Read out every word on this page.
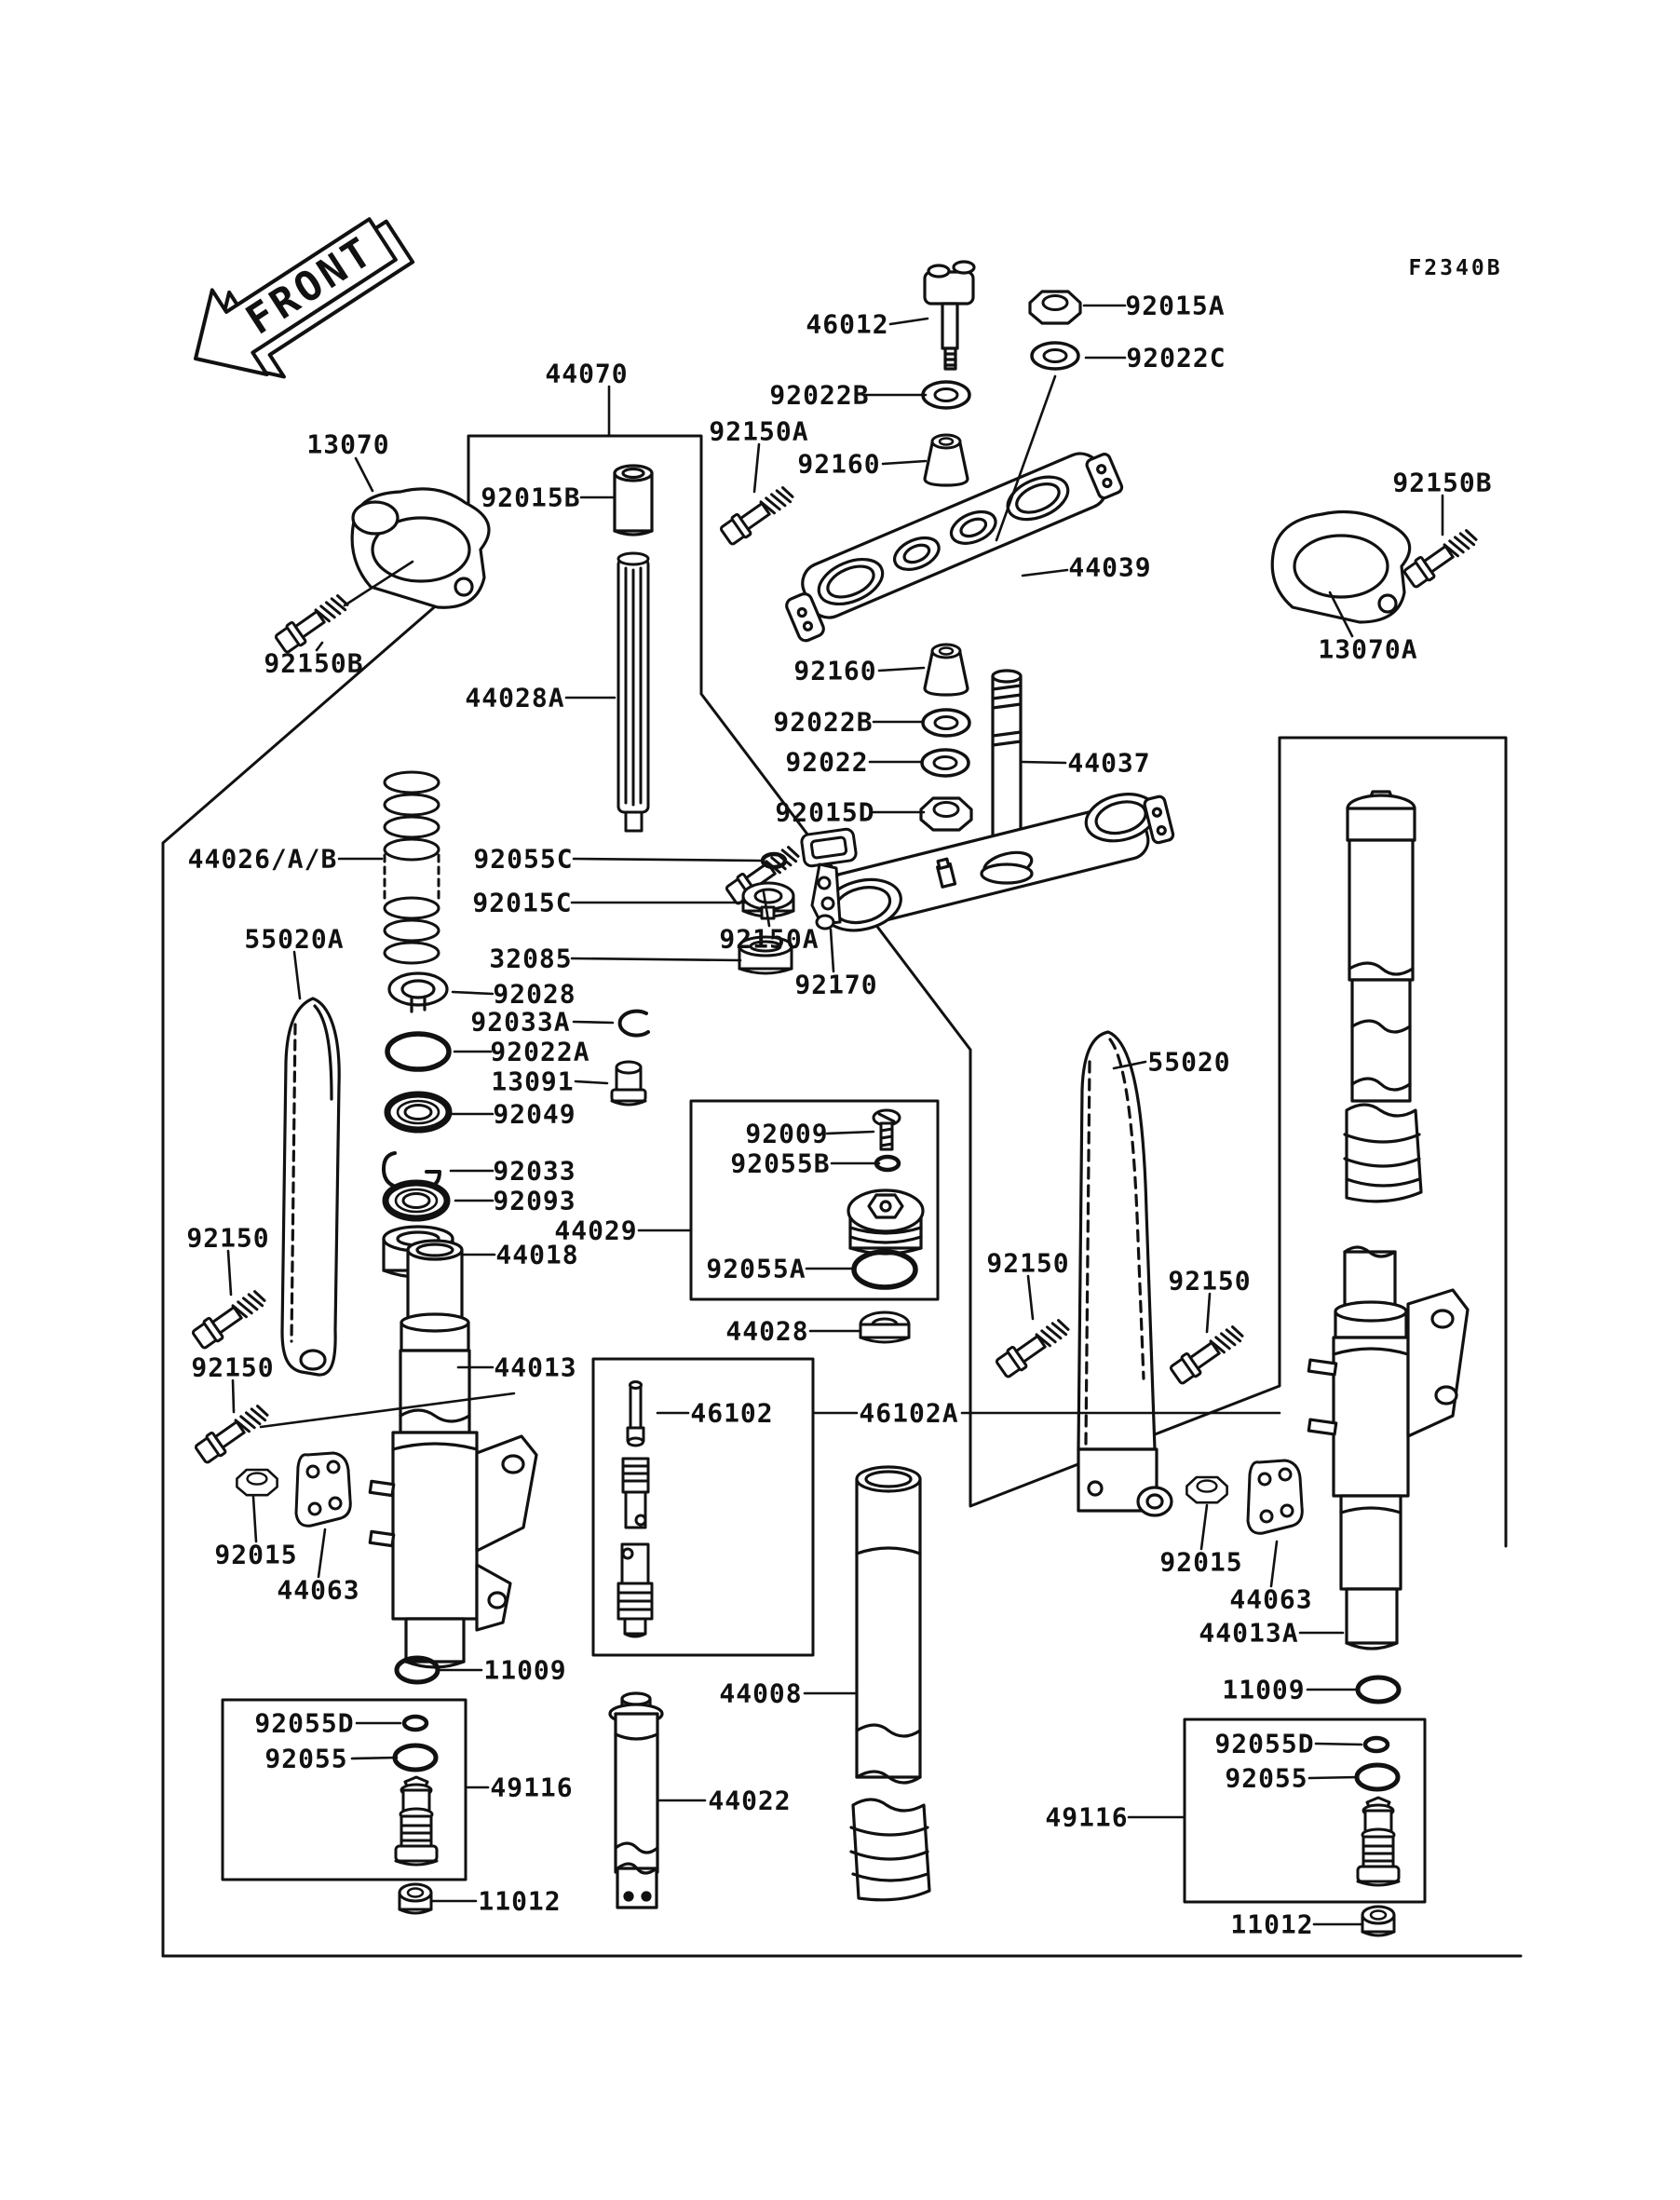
FRONT	F2340B
46012
92015A
92022C
92022B
92160
44039
13070
92150B
44070
92015B
92150A
92150B
13070A
92160
92022B
92022
92015D
44037
92150A
92170
44028A
44026/A/B	92055C
92015C
32085
55020A
92028
92033A
92022A
13091
92049
92033
92093
44029
44018
92009
92055B
92055A
44028
92150
92150
92015
44063
44013
11009
92055D
92055
49116
11012
46102	46102A
44008
44022
55020
92150
92150
92015
44063
44013A
11009
49116
92055D
92055
11012
